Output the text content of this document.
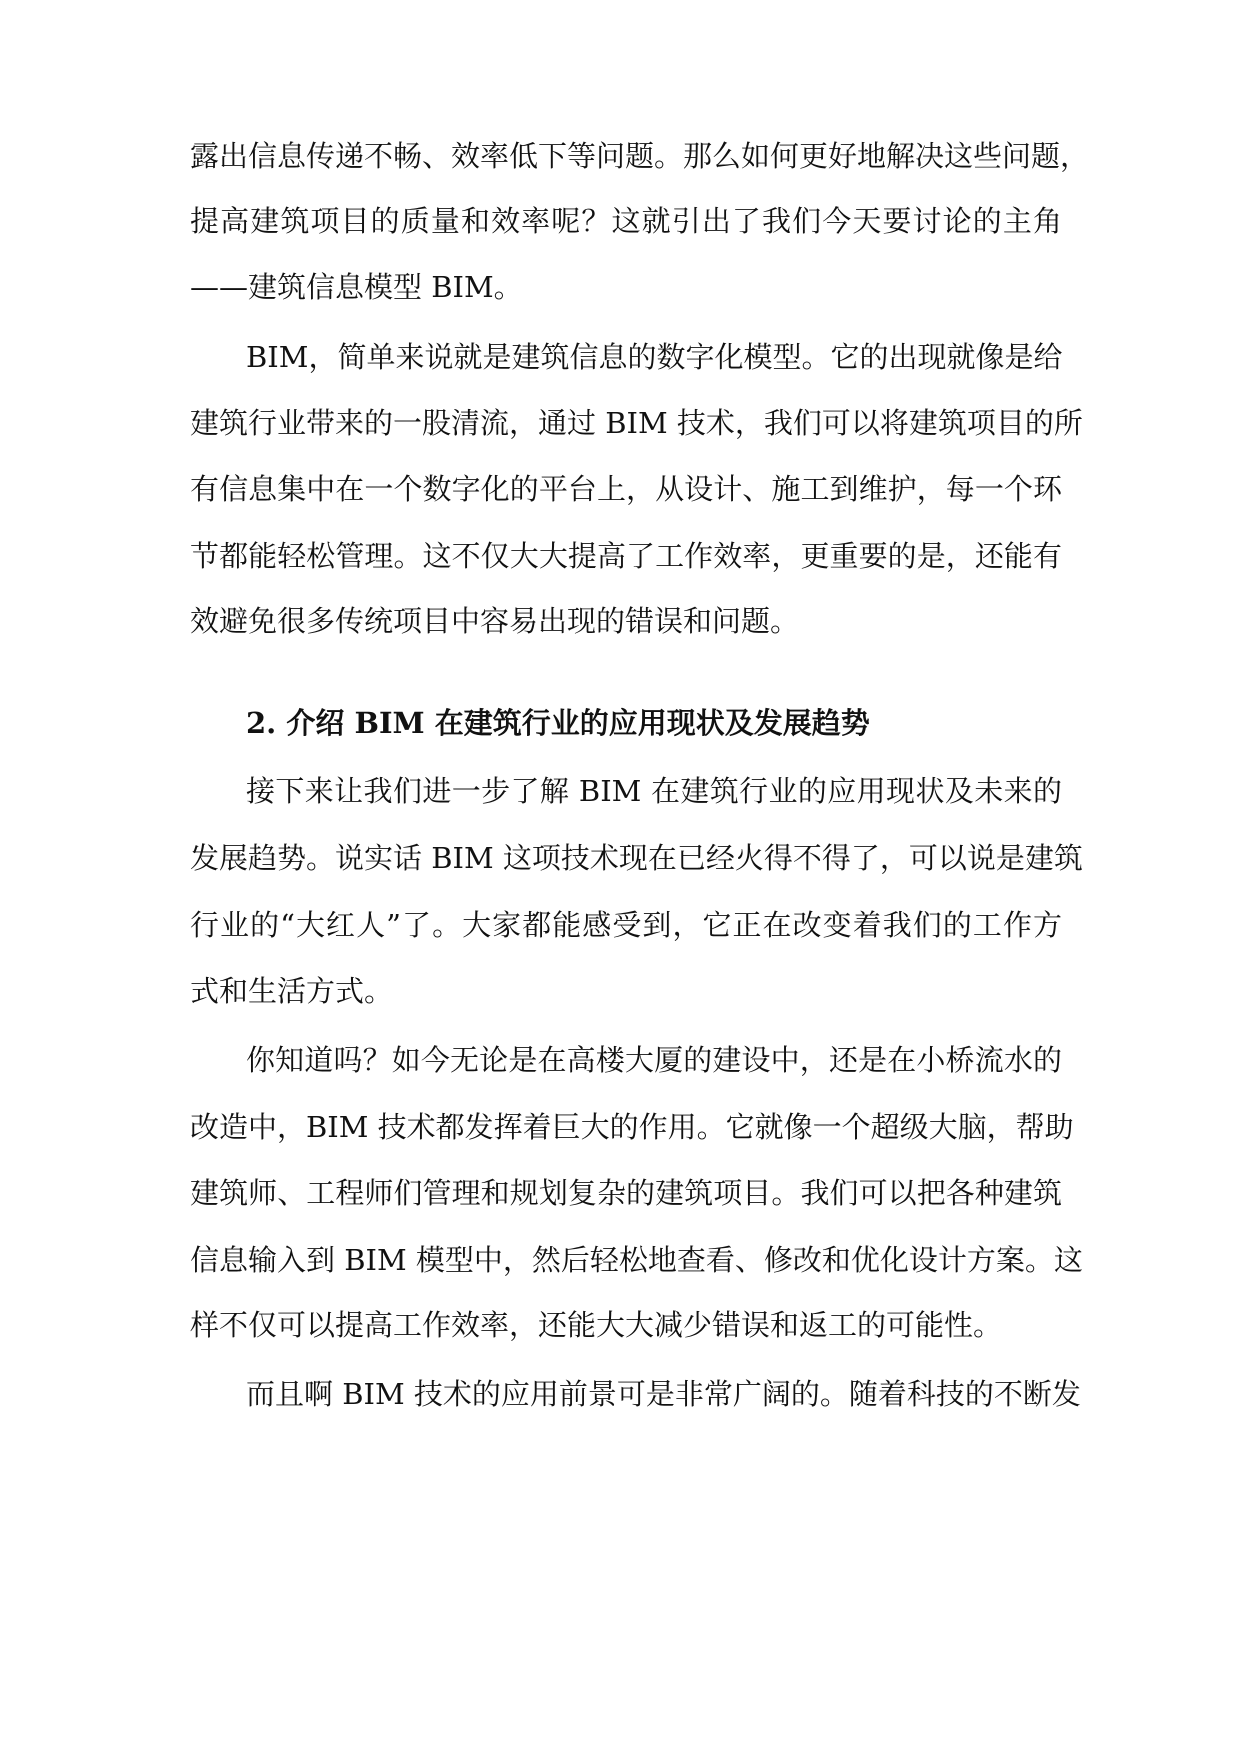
露出信息传递不畅、效率低下等问题。那么如何更好地解决这些问题，
提高建筑项目的质量和效率呢？这就引出了我们今天要讨论的主角
——建筑信息模型 BIM。
BIM，简单来说就是建筑信息的数字化模型。它的出现就像是给
建筑行业带来的一股清流，通过 BIM 技术，我们可以将建筑项目的所
有信息集中在一个数字化的平台上，从设计、施工到维护，每一个环
节都能轻松管理。这不仅大大提高了工作效率，更重要的是，还能有
效避免很多传统项目中容易出现的错误和问题。
2. 介绍 BIM 在建筑行业的应用现状及发展趋势
接下来让我们进一步了解 BIM 在建筑行业的应用现状及未来的
发展趋势。说实话 BIM 这项技术现在已经火得不得了，可以说是建筑
行业的“大红人”了。大家都能感受到，它正在改变着我们的工作方
式和生活方式。
你知道吗？如今无论是在高楼大厦的建设中，还是在小桥流水的
改造中，BIM 技术都发挥着巨大的作用。它就像一个超级大脑，帮助
建筑师、工程师们管理和规划复杂的建筑项目。我们可以把各种建筑
信息输入到 BIM 模型中，然后轻松地查看、修改和优化设计方案。这
样不仅可以提高工作效率，还能大大减少错误和返工的可能性。
而且啊 BIM 技术的应用前景可是非常广阔的。随着科技的不断发
